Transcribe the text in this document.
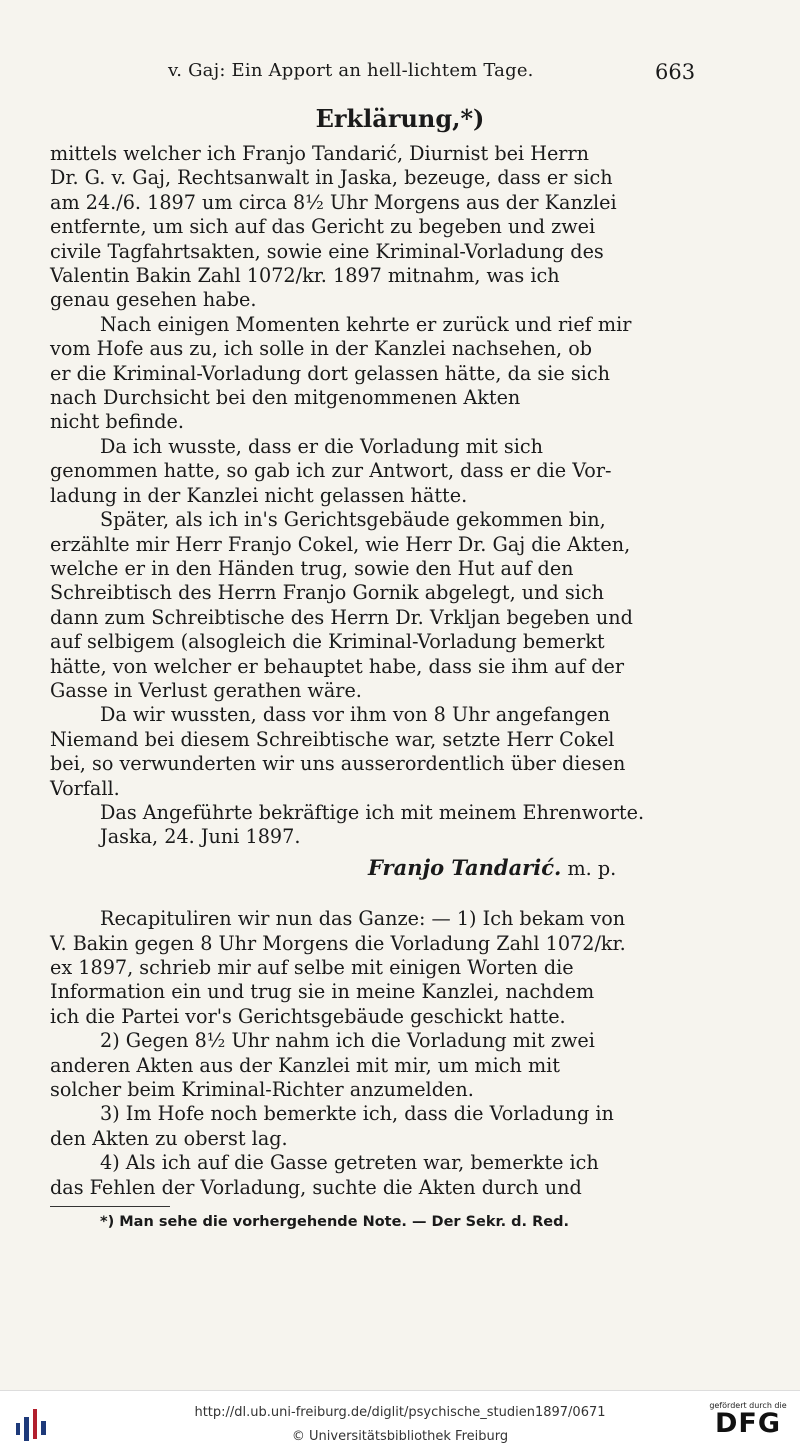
v. Gaj: Ein Apport an hell-lichtem Tage.	663
Erklärung,*)
mittels welcher ich Franjo Tandarić, Diurnist bei Herrn
Dr. G. v. Gaj, Rechtsanwalt in Jaska, bezeuge, dass er sich
am 24./6. 1897 um circa 8½ Uhr Morgens aus der Kanzlei
entfernte, um sich auf das Gericht zu begeben und zwei
civile Tagfahrtsakten, sowie eine Kriminal-Vorladung des
Valentin Bakin Zahl 1072/kr. 1897 mitnahm, was ich
genau gesehen habe.
Nach einigen Momenten kehrte er zurück und rief mir
vom Hofe aus zu, ich solle in der Kanzlei nachsehen, ob
er die Kriminal-Vorladung dort gelassen hätte, da sie sich
nach Durchsicht bei den mitgenommenen Akten
nicht befinde.
Da ich wusste, dass er die Vorladung mit sich
genommen hatte, so gab ich zur Antwort, dass er die Vor-
ladung in der Kanzlei nicht gelassen hätte.
Später, als ich in's Gerichtsgebäude gekommen bin,
erzählte mir Herr Franjo Cokel, wie Herr Dr. Gaj die Akten,
welche er in den Händen trug, sowie den Hut auf den
Schreibtisch des Herrn Franjo Gornik abgelegt, und sich
dann zum Schreibtische des Herrn Dr. Vrkljan begeben und
auf selbigem (alsogleich die Kriminal-Vorladung bemerkt
hätte, von welcher er behauptet habe, dass sie ihm auf der
Gasse in Verlust gerathen wäre.
Da wir wussten, dass vor ihm von 8 Uhr angefangen
Niemand bei diesem Schreibtische war, setzte Herr Cokel
bei, so verwunderten wir uns ausserordentlich über diesen
Vorfall.
Das Angeführte bekräftige ich mit meinem Ehrenworte.
Jaska, 24. Juni 1897.
Franjo Tandarić. m. p.
Recapituliren wir nun das Ganze: — 1) Ich bekam von
V. Bakin gegen 8 Uhr Morgens die Vorladung Zahl 1072/kr.
ex 1897, schrieb mir auf selbe mit einigen Worten die
Information ein und trug sie in meine Kanzlei, nachdem
ich die Partei vor's Gerichtsgebäude geschickt hatte.
2) Gegen 8½ Uhr nahm ich die Vorladung mit zwei
anderen Akten aus der Kanzlei mit mir, um mich mit
solcher beim Kriminal-Richter anzumelden.
3) Im Hofe noch bemerkte ich, dass die Vorladung in
den Akten zu oberst lag.
4) Als ich auf die Gasse getreten war, bemerkte ich
das Fehlen der Vorladung, suchte die Akten durch und
*) Man sehe die vorhergehende Note. — Der Sekr. d. Red.
http://dl.ub.uni-freiburg.de/diglit/psychische_studien1897/0671
© Universitätsbibliothek Freiburg
gefördert durch die
DFG
